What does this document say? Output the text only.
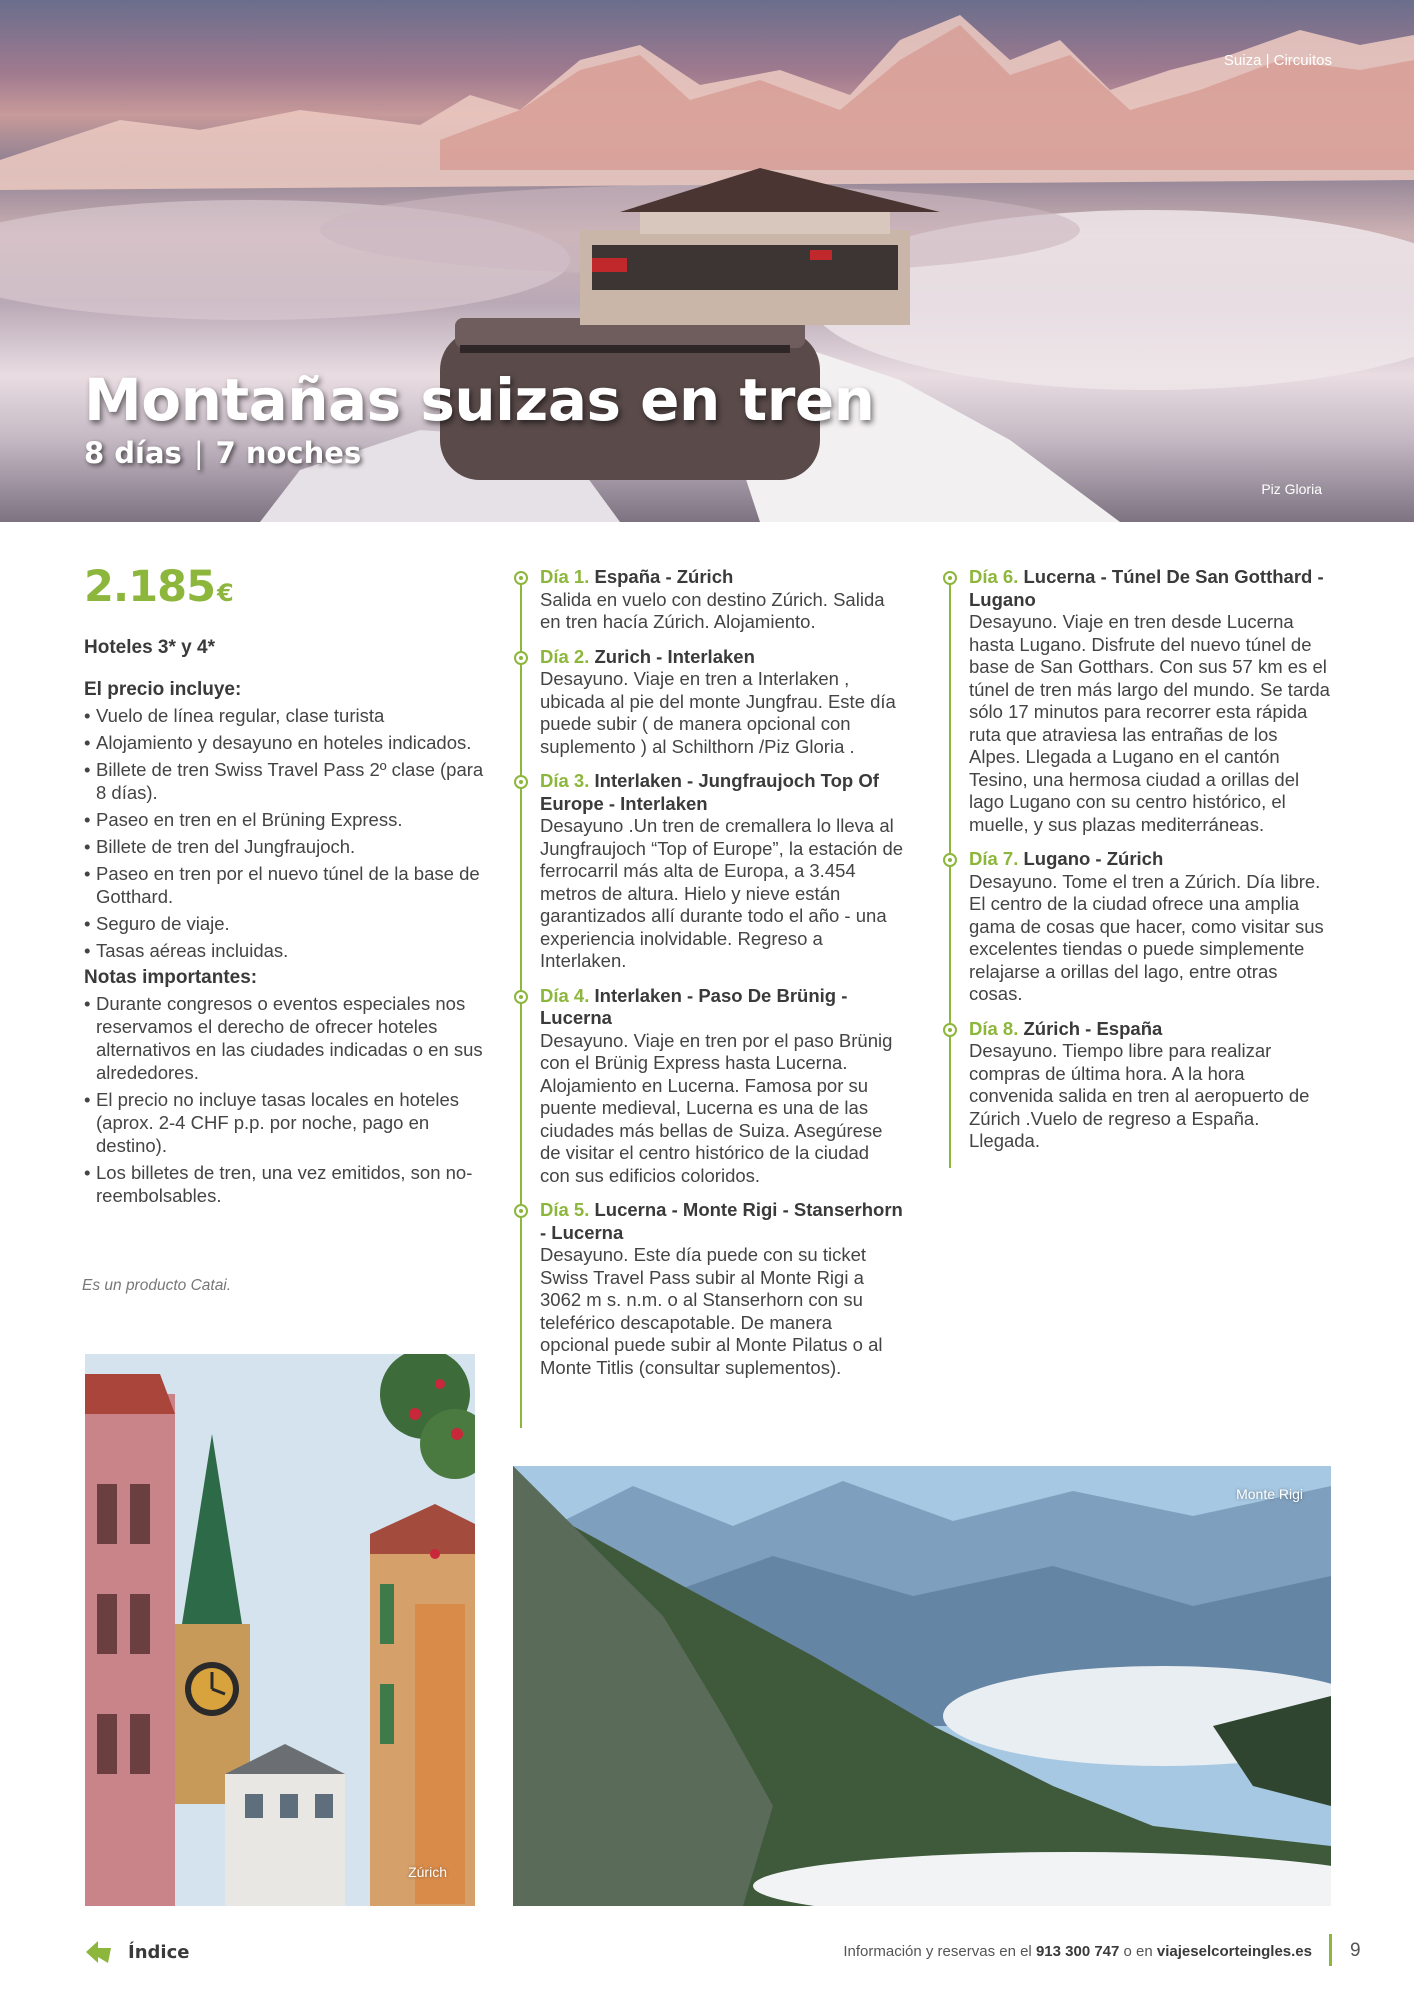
Suiza | Circuitos
Montañas suizas en tren
8 días | 7 noches
Piz Gloria
2.185€
Hoteles 3* y 4*
El precio incluye:
• Vuelo de línea regular, clase turista
• Alojamiento y desayuno en hoteles indicados.
• Billete de tren Swiss Travel Pass 2º clase (para 8 días).
• Paseo en tren en el Brüning Express.
• Billete de tren del Jungfraujoch.
• Paseo en tren por el nuevo túnel de la base de Gotthard.
• Seguro de viaje.
• Tasas aéreas incluidas.
Notas importantes:
• Durante congresos o eventos especiales nos reservamos el derecho de ofrecer hoteles alternativos en las ciudades indicadas o en sus alrededores.
• El precio no incluye tasas locales en hoteles (aprox. 2-4 CHF p.p. por noche, pago en destino).
• Los billetes de tren, una vez emitidos, son no-reembolsables.
Es un producto Catai.
Día 1. España - Zúrich
Salida en vuelo con destino Zúrich. Salida en tren hacía Zúrich. Alojamiento.
Día 2. Zurich - Interlaken
Desayuno. Viaje en tren a Interlaken , ubicada al pie del monte Jungfrau. Este día puede subir ( de manera opcional con suplemento ) al Schilthorn /Piz Gloria .
Día 3. Interlaken - Jungfraujoch Top Of Europe - Interlaken
Desayuno .Un tren de cremallera lo lleva al Jungfraujoch “Top of Europe”, la estación de ferrocarril más alta de Europa, a 3.454 metros de altura. Hielo y nieve están garantizados allí durante todo el año - una experiencia inolvidable. Regreso a Interlaken.
Día 4. Interlaken - Paso De Brünig - Lucerna
Desayuno. Viaje en tren por el paso Brünig con el Brünig Express hasta Lucerna. Alojamiento en Lucerna. Famosa por su puente medieval, Lucerna es una de las ciudades más bellas de Suiza. Asegúrese de visitar el centro histórico de la ciudad con sus edificios coloridos.
Día 5. Lucerna - Monte Rigi - Stanserhorn - Lucerna
Desayuno. Este día puede con su ticket Swiss Travel Pass subir al Monte Rigi a 3062 m s. n.m. o al Stanserhorn con su teleférico descapotable. De manera opcional puede subir al Monte Pilatus o al Monte Titlis (consultar suplementos).
Día 6. Lucerna - Túnel De San Gotthard - Lugano
Desayuno. Viaje en tren desde Lucerna hasta Lugano. Disfrute del nuevo túnel de base de San Gotthars. Con sus 57 km es el túnel de tren más largo del mundo. Se tarda sólo 17 minutos para recorrer esta rápida ruta que atraviesa las entrañas de los Alpes. Llegada a Lugano en el cantón Tesino, una hermosa ciudad a orillas del lago Lugano con su centro histórico, el muelle, y sus plazas mediterráneas.
Día 7. Lugano - Zúrich
Desayuno. Tome el tren a Zúrich. Día libre. El centro de la ciudad ofrece una amplia gama de cosas que hacer, como visitar sus excelentes tiendas o puede simplemente relajarse a orillas del lago, entre otras cosas.
Día 8. Zúrich - España
Desayuno. Tiempo libre para realizar compras de última hora. A la hora convenida salida en tren al aeropuerto de Zúrich .Vuelo de regreso a España. Llegada.
Zúrich
Monte Rigi
Índice	Información y reservas en el 913 300 747 o en viajeselcorteingles.es 9
